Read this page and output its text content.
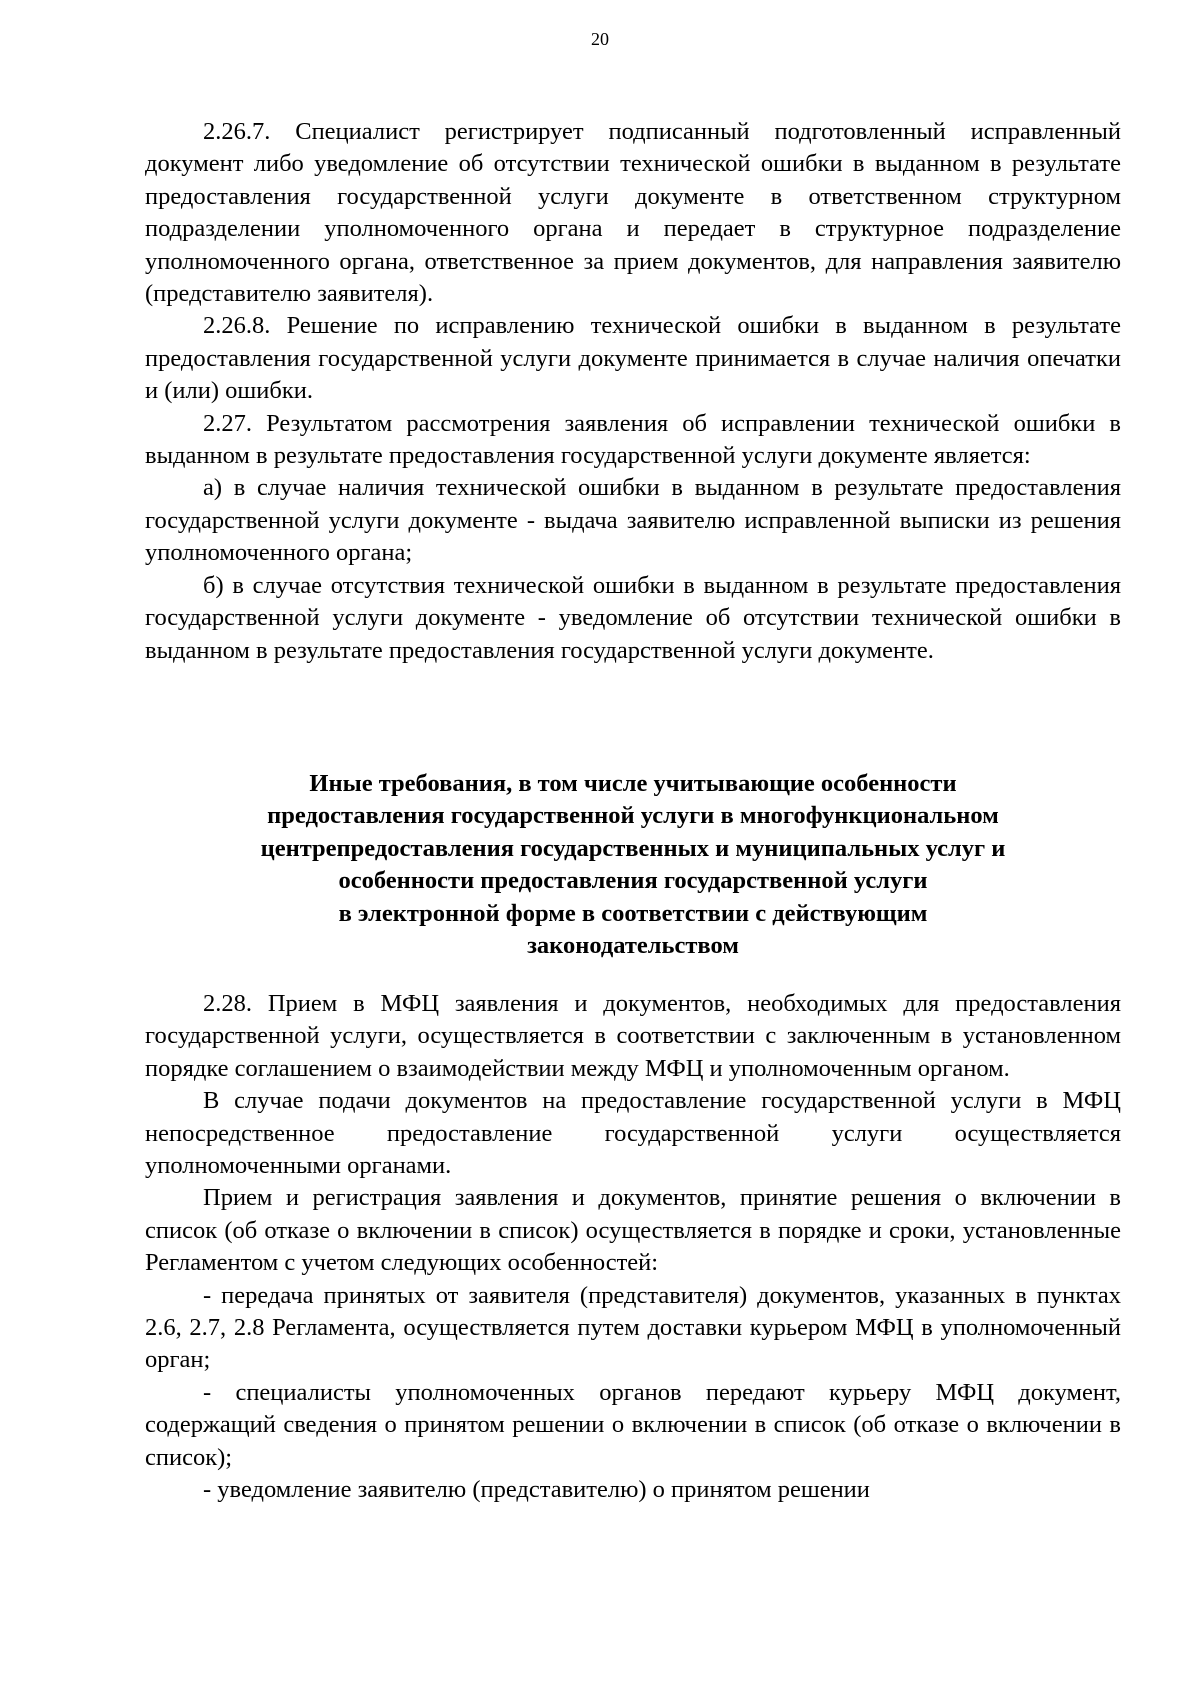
20

2.26.7. Специалист регистрирует подписанный подготовленный исправленный документ либо уведомление об отсутствии технической ошибки в выданном в результате предоставления государственной услуги документе в ответственном структурном подразделении уполномоченного органа и передает в структурное подразделение уполномоченного органа, ответственное за прием документов, для направления заявителю (представителю заявителя).

2.26.8. Решение по исправлению технической ошибки в выданном в результате предоставления государственной услуги документе принимается в случае наличия опечатки и (или) ошибки.

2.27. Результатом рассмотрения заявления об исправлении технической ошибки в выданном в результате предоставления государственной услуги документе является:

а) в случае наличия технической ошибки в выданном в результате предоставления государственной услуги документе - выдача заявителю исправленной выписки из решения уполномоченного органа;

б) в случае отсутствия технической ошибки в выданном в результате предоставления государственной услуги документе - уведомление об отсутствии технической ошибки в выданном в результате предоставления государственной услуги документе.

Иные требования, в том числе учитывающие особенности
предоставления государственной услуги в многофункциональном
центрепредоставления государственных и муниципальных услуг и
особенности предоставления государственной услуги
в электронной форме в соответствии с действующим
законодательством

2.28. Прием в МФЦ заявления и документов, необходимых для предоставления государственной услуги, осуществляется в соответствии с заключенным в установленном порядке соглашением о взаимодействии между МФЦ и уполномоченным органом.

В случае подачи документов на предоставление государственной услуги в МФЦ непосредственное предоставление государственной услуги осуществляется уполномоченными органами.

Прием и регистрация заявления и документов, принятие решения о включении в список (об отказе о включении в список) осуществляется в порядке и сроки, установленные Регламентом с учетом следующих особенностей:

- передача принятых от заявителя (представителя) документов, указанных в пунктах 2.6, 2.7, 2.8 Регламента, осуществляется путем доставки курьером МФЦ в уполномоченный орган;

- специалисты уполномоченных органов передают курьеру МФЦ документ, содержащий сведения о принятом решении о включении в список (об отказе о включении в список);

- уведомление заявителю (представителю) о принятом решении
